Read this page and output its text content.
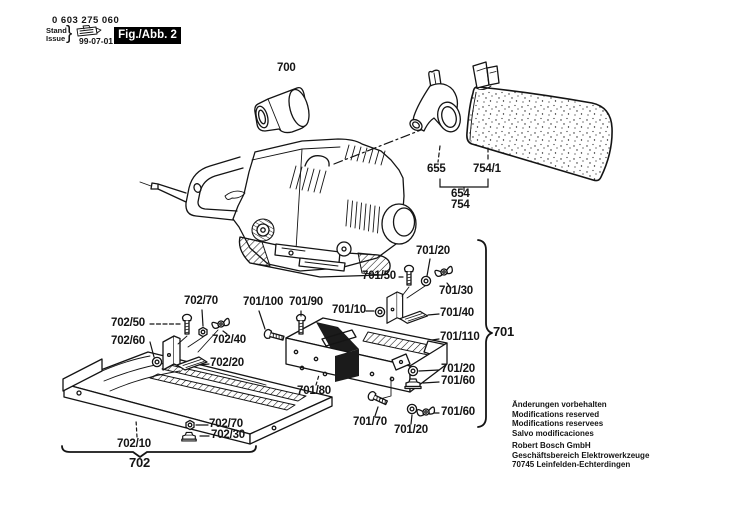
0 603 275 060
Stand
Issue } 99-07-01 Fig./Abb. 2
700
655 754/1
654
754
701/50
701/20
701/30
701/40
701/110 701
701/100 701/90
701/10
702/70
702/50
702/60	702/40
702/20
701/80
701/70
701/20
701/20
701/60
701/60
702/70
702/30
702/10
702
Änderungen vorbehalten
Modifications reserved
Modifications reservees
Salvo modificaciones
Robert Bosch GmbH
Geschäftsbereich Elektrowerkzeuge
70745 Leinfelden-Echterdingen
